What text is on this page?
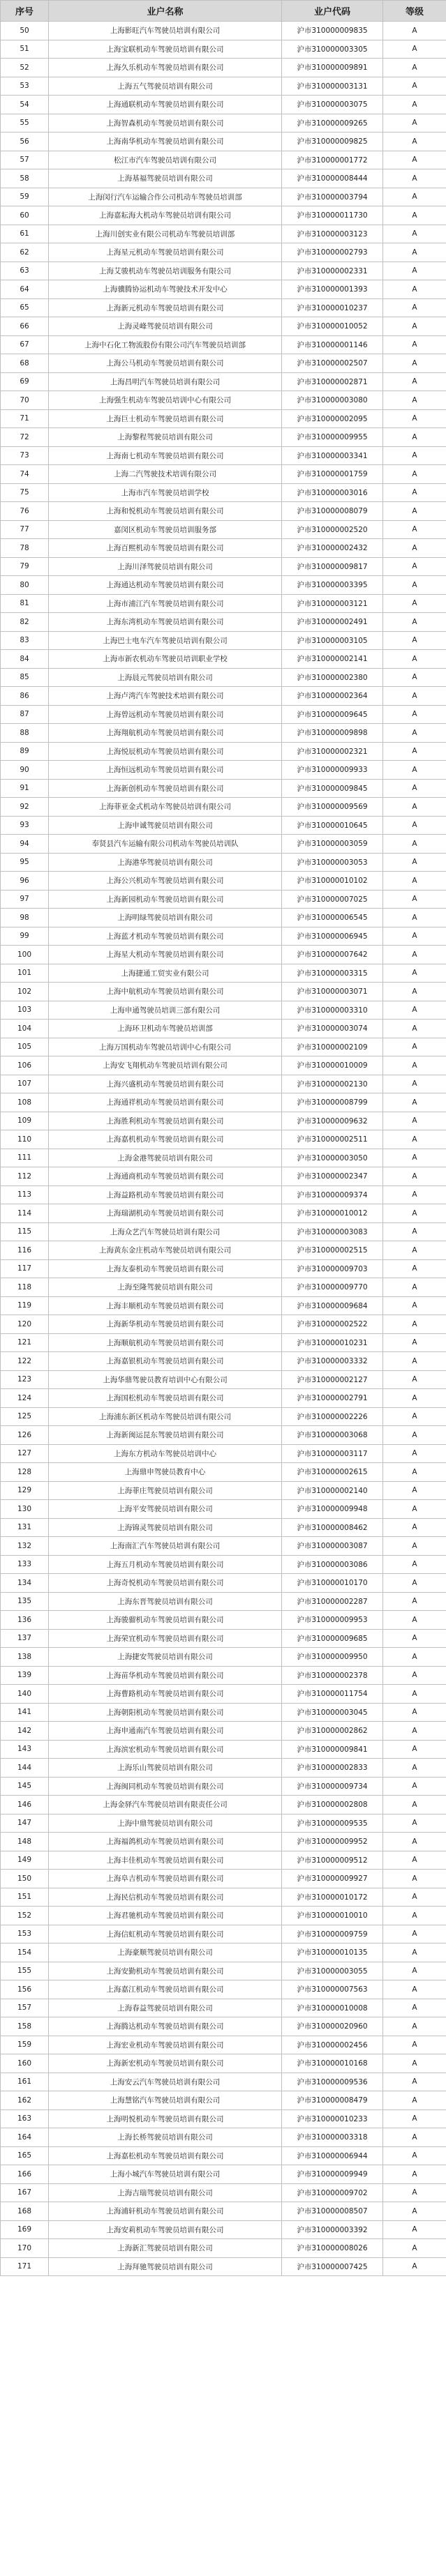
序号	业户名称	业户代码	等级
50	上海影旺汽车驾驶员培训有限公司	沪市310000009835	A
51	上海宝联机动车驾驶员培训有限公司	沪市310000003305	A
52	上海久乐机动车驾驶员培训有限公司	沪市310000009891	A
53	上海五气驾驶员培训有限公司	沪市310000003131	A
54	上海通联机动车驾驶员培训有限公司	沪市310000003075	A
55	上海智森机动车驾驶员培训有限公司	沪市310000009265	A
56	上海南华机动车驾驶员培训有限公司	沪市310000009825	A
57	松江市汽车驾驶员培训有限公司	沪市310000001772	A
58	上海基福驾驶员培训有限公司	沪市310000008444	A
59	上海闵行汽车运输合作公司机动车驾驶员培训部	沪市310000003794	A
60	上海嘉耘海大机动车驾驶员培训有限公司	沪市310000011730	A
61	上海川创实业有限公司机动车驾驶员培训部	沪市310000003123	A
62	上海星元机动车驾驶员培训有限公司	沪市310000002793	A
63	上海艾骏机动车驾驶员培训服务有限公司	沪市310000002331	A
64	上海骥腾协运机动车驾驶技术开发中心	沪市310000001393	A
65	上海新元机动车驾驶员培训有限公司	沪市310000010237	A
66	上海灵峰驾驶员培训有限公司	沪市310000010052	A
67	上海中石化工物流股份有限公司汽车驾驶员培训部	沪市310000001146	A
68	上海公马机动车驾驶员培训有限公司	沪市310000002507	A
69	上海昌明汽车驾驶员培训有限公司	沪市310000002871	A
70	上海强生机动车驾驶员培训中心有限公司	沪市310000003080	A
71	上海巨士机动车驾驶员培训有限公司	沪市310000002095	A
72	上海黎程驾驶员培训有限公司	沪市310000009955	A
73	上海南七机动车驾驶员培训有限公司	沪市310000003341	A
74	上海二汽驾驶技术培训有限公司	沪市310000001759	A
75	上海市汽车驾驶员培训学校	沪市310000003016	A
76	上海和悦机动车驾驶员培训有限公司	沪市310000008079	A
77	嘉闵区机动车驾驶员培训服务部	沪市310000002520	A
78	上海百熙机动车驾驶员培训有限公司	沪市310000002432	A
79	上海川泽驾驶员培训有限公司	沪市310000009817	A
80	上海通达机动车驾驶员培训有限公司	沪市310000003395	A
81	上海市浦江汽车驾驶员培训有限公司	沪市310000003121	A
82	上海东湾机动车驾驶员培训有限公司	沪市310000002491	A
83	上海巴士电车汽车驾驶员培训有限公司	沪市310000003105	A
84	上海市新农机动车驾驶员培训职业学校	沪市310000002141	A
85	上海晨元驾驶员培训有限公司	沪市310000002380	A
86	上海卢湾汽车驾驶技术培训有限公司	沪市310000002364	A
87	上海曾远机动车驾驶员培训有限公司	沪市310000009645	A
88	上海翔航机动车驾驶员培训有限公司	沪市310000009898	A
89	上海悦辰机动车驾驶员培训有限公司	沪市310000002321	A
90	上海恒远机动车驾驶员培训有限公司	沪市310000009933	A
91	上海新创机动车驾驶员培训有限公司	沪市310000009845	A
92	上海菲亚金式机动车驾驶员培训有限公司	沪市310000009569	A
93	上海申诚驾驶员培训有限公司	沪市310000010645	A
94	奉贤县汽车运输有限公司机动车驾驶员培训队	沪市310000003059	A
95	上海港华驾驶员培训有限公司	沪市310000003053	A
96	上海公兴机动车驾驶员培训有限公司	沪市310000010102	A
97	上海新园机动车驾驶员培训有限公司	沪市310000007025	A
98	上海明绿驾驶员培训有限公司	沪市310000006545	A
99	上海蓝才机动车驾驶员培训有限公司	沪市310000006945	A
100	上海星大机动车驾驶员培训有限公司	沪市310000007642	A
101	上海捷通工贸实业有限公司	沪市310000003315	A
102	上海中航机动车驾驶员培训有限公司	沪市310000003071	A
103	上海申通驾驶员培训三部有限公司	沪市310000003310	A
104	上海环卫机动车驾驶员培训部	沪市310000003074	A
105	上海万国机动车驾驶员培训中心有限公司	沪市310000002109	A
106	上海安飞翔机动车驾驶员培训有限公司	沪市310000010009	A
107	上海兴盛机动车驾驶员培训有限公司	沪市310000002130	A
108	上海通祥机动车驾驶员培训有限公司	沪市310000008799	A
109	上海胜利机动车驾驶员培训有限公司	沪市310000009632	A
110	上海嘉机机动车驾驶员培训有限公司	沪市310000002511	A
111	上海金港驾驶员培训有限公司	沪市310000003050	A
112	上海通商机动车驾驶员培训有限公司	沪市310000002347	A
113	上海益路机动车驾驶员培训有限公司	沪市310000009374	A
114	上海瑞湖机动车驾驶员培训有限公司	沪市310000010012	A
115	上海众艺汽车驾驶员培训有限公司	沪市310000003083	A
116	上海黄东金庄机动车驾驶员培训有限公司	沪市310000002515	A
117	上海友泰机动车驾驶员培训有限公司	沪市310000009703	A
118	上海至隆驾驶员培训有限公司	沪市310000009770	A
119	上海丰顺机动车驾驶员培训有限公司	沪市310000009684	A
120	上海新华机动车驾驶员培训有限公司	沪市310000002522	A
121	上海顺航机动车驾驶员培训有限公司	沪市310000010231	A
122	上海嘉银机动车驾驶员培训有限公司	沪市310000003332	A
123	上海华鼎驾驶员教育培训中心有限公司	沪市310000002127	A
124	上海国松机动车驾驶员培训有限公司	沪市310000002791	A
125	上海浦东新区机动车驾驶员培训有限公司	沪市310000002226	A
126	上海新闽运昆东驾驶员培训有限公司	沪市310000003068	A
127	上海东方机动车驾驶员培训中心	沪市310000003117	A
128	上海鼎申驾驶员教育中心	沪市310000002615	A
129	上海菲庄驾驶员培训有限公司	沪市310000002140	A
130	上海平安驾驶员培训有限公司	沪市310000009948	A
131	上海锦灵驾驶员培训有限公司	沪市310000008462	A
132	上海南汇汽车驾驶员培训有限公司	沪市310000003087	A
133	上海五月机动车驾驶员培训有限公司	沪市310000003086	A
134	上海奇悦机动车驾驶员培训有限公司	沪市310000010170	A
135	上海东晋驾驶员培训有限公司	沪市310000002287	A
136	上海骏骝机动车驾驶员培训有限公司	沪市310000009953	A
137	上海荣宜机动车驾驶员培训有限公司	沪市310000009685	A
138	上海捷安驾驶员培训有限公司	沪市310000009950	A
139	上海苗华机动车驾驶员培训有限公司	沪市310000002378	A
140	上海曹路机动车驾驶员培训有限公司	沪市310000011754	A
141	上海朝阳机动车驾驶员培训有限公司	沪市310000003045	A
142	上海申通南汽车驾驶员培训有限公司	沪市310000002862	A
143	上海滨宏机动车驾驶员培训有限公司	沪市310000009841	A
144	上海乐山驾驶员培训有限公司	沪市310000002833	A
145	上海闽同机动车驾驶员培训有限公司	沪市310000009734	A
146	上海金驿汽车驾驶员培训有限责任公司	沪市310000002808	A
147	上海中鼎驾驶员培训有限公司	沪市310000009535	A
148	上海福鸽机动车驾驶员培训有限公司	沪市310000009952	A
149	上海丰佳机动车驾驶员培训有限公司	沪市310000009512	A
150	上海阜吉机动车驾驶员培训有限公司	沪市310000009927	A
151	上海民信机动车驾驶员培训有限公司	沪市310000010172	A
152	上海君驰机动车驾驶员培训有限公司	沪市310000010010	A
153	上海信虹机动车驾驶员培训有限公司	沪市310000009759	A
154	上海豪顺驾驶员培训有限公司	沪市310000010135	A
155	上海安勤机动车驾驶员培训有限公司	沪市310000003055	A
156	上海嘉江机动车驾驶员培训有限公司	沪市310000007563	A
157	上海春益驾驶员培训有限公司	沪市310000010008	A
158	上海腾达机动车驾驶员培训有限公司	沪市310000020960	A
159	上海宏业机动车驾驶员培训有限公司	沪市310000002456	A
160	上海新宏机动车驾驶员培训有限公司	沪市310000010168	A
161	上海安云汽车驾驶员培训有限公司	沪市310000009536	A
162	上海慧铭汽车驾驶员培训有限公司	沪市310000008479	A
163	上海明悦机动车驾驶员培训有限公司	沪市310000010233	A
164	上海长桥驾驶员培训有限公司	沪市310000003318	A
165	上海嘉松机动车驾驶员培训有限公司	沪市310000006944	A
166	上海小城汽车驾驶员培训有限公司	沪市310000009949	A
167	上海吉瑞驾驶员培训有限公司	沪市310000009702	A
168	上海浦轩机动车驾驶员培训有限公司	沪市310000008507	A
169	上海安莉机动车驾驶员培训有限公司	沪市310000003392	A
170	上海新汇驾驶员培训有限公司	沪市310000008026	A
171	上海拜驰驾驶员培训有限公司	沪市310000007425	A
